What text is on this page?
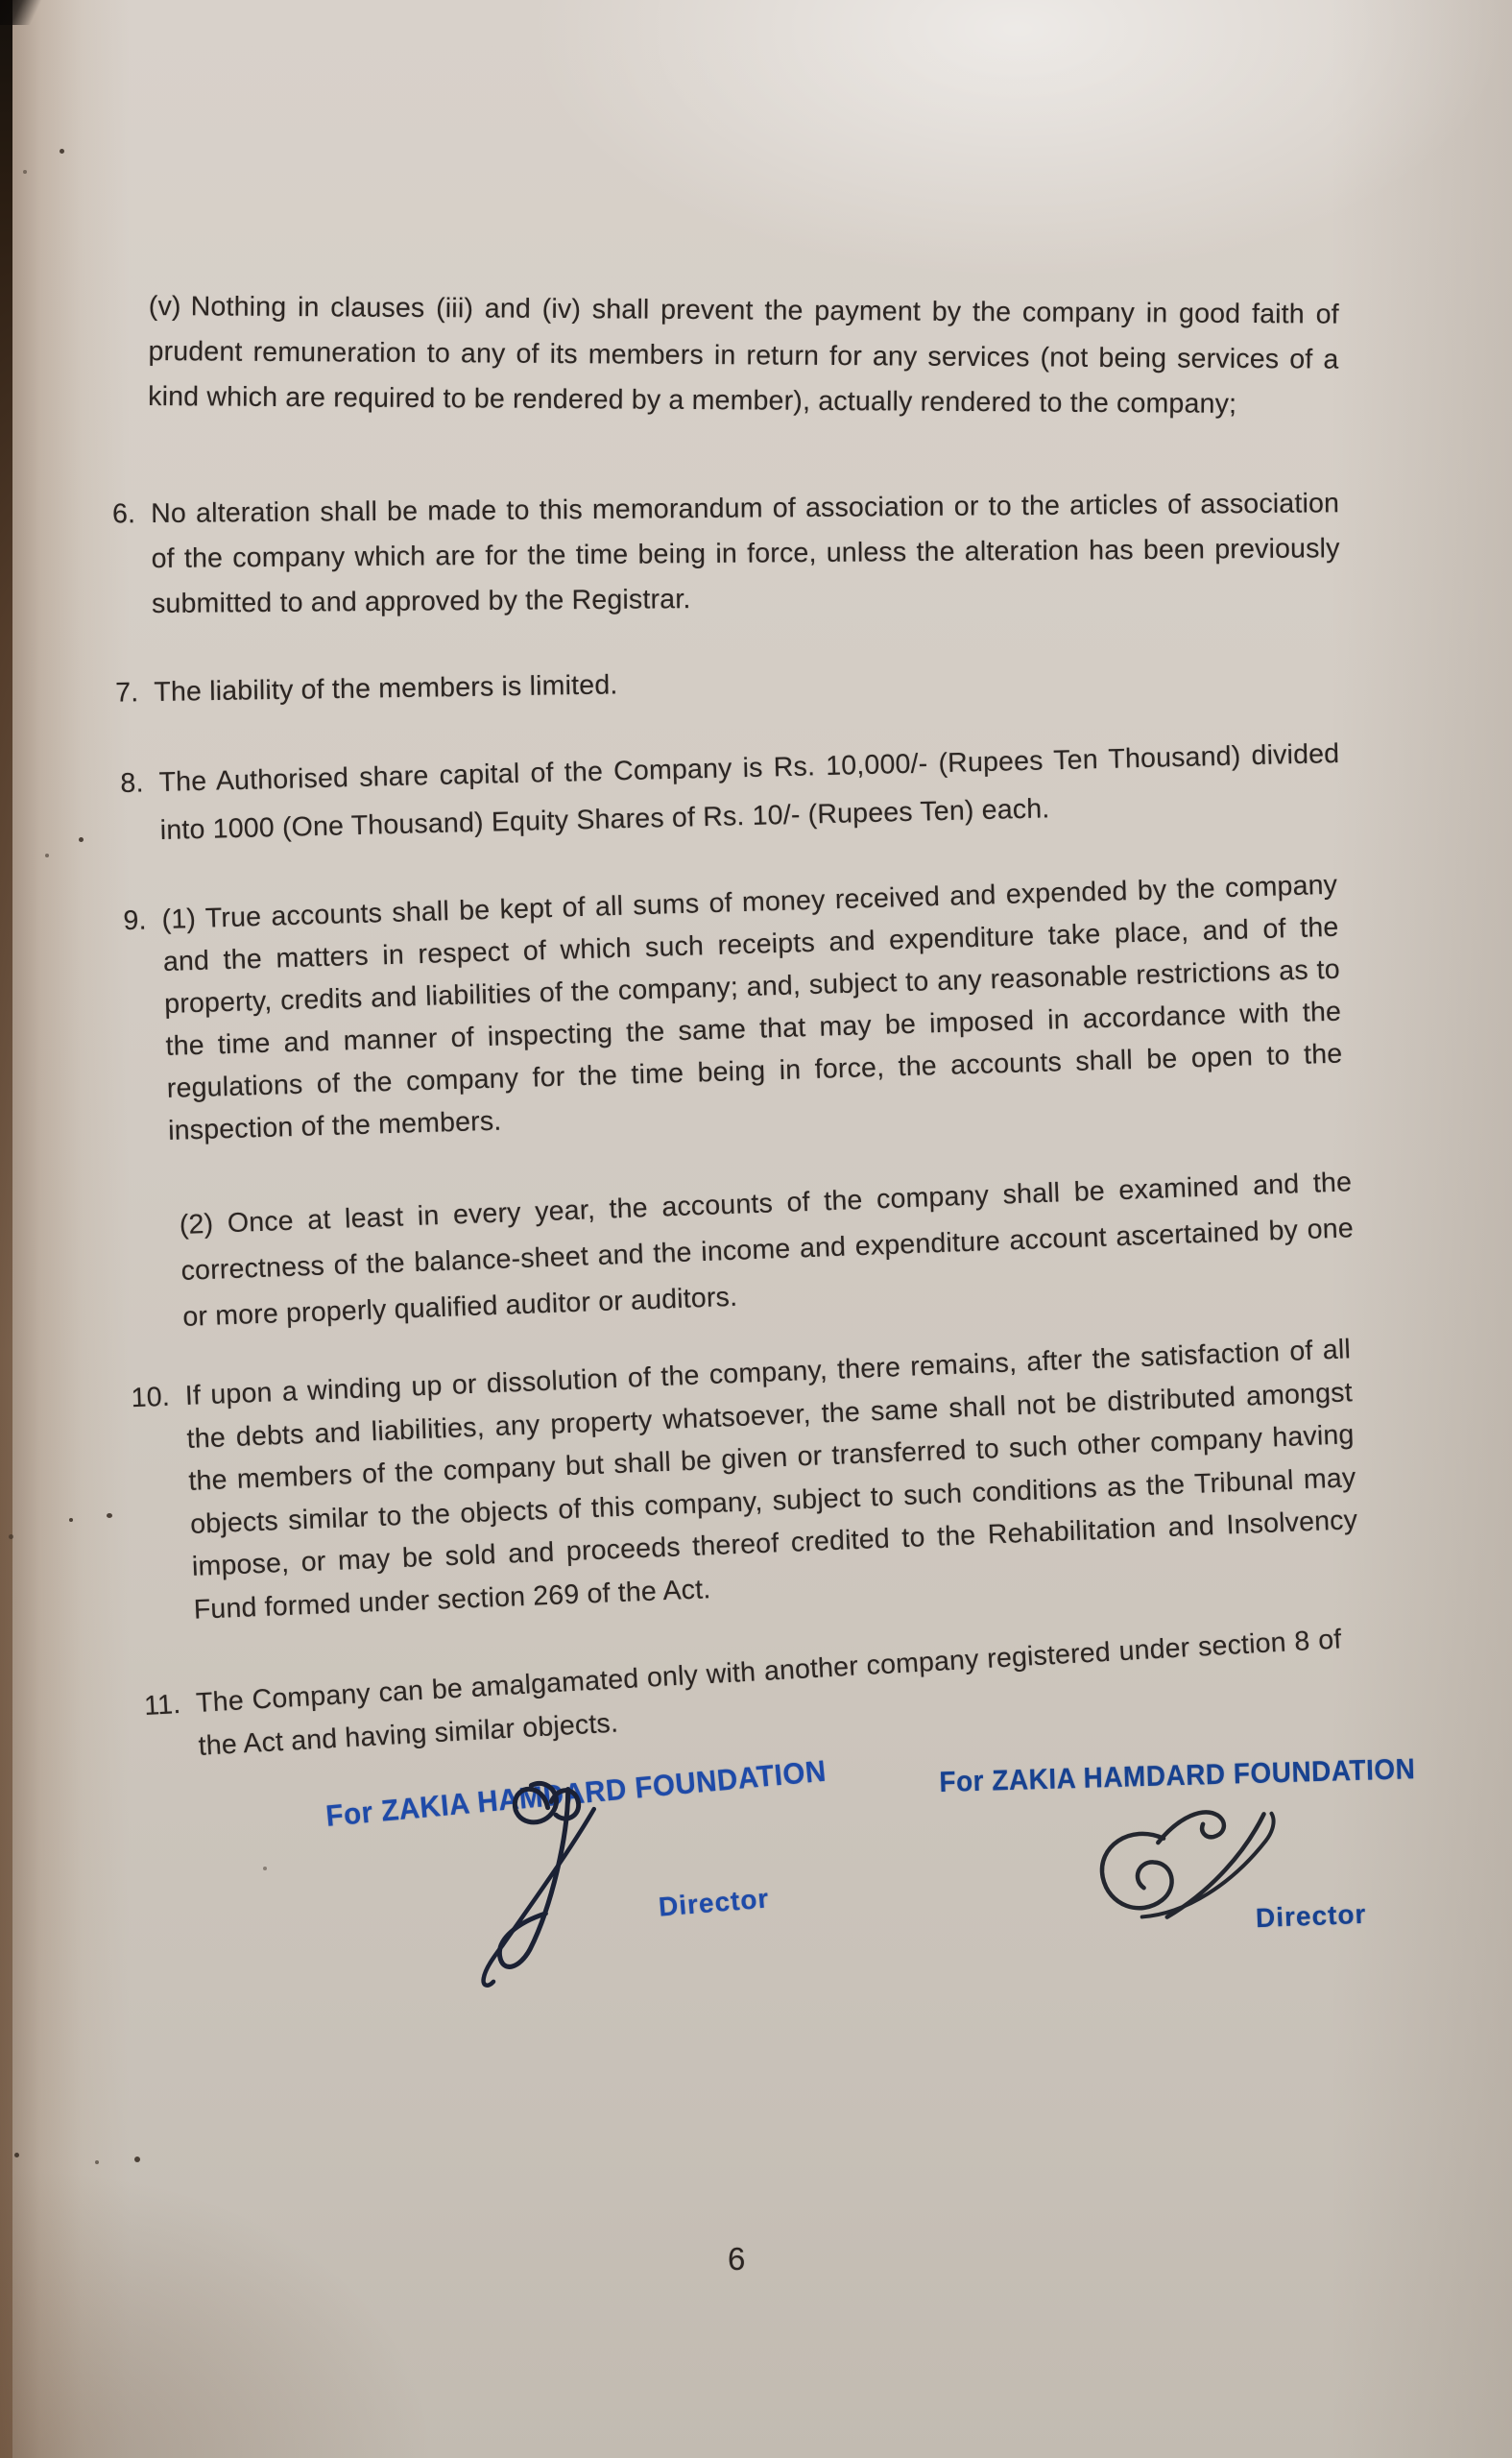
(v) Nothing in clauses (iii) and (iv) shall prevent the payment by the company in good faith of prudent remuneration to any of its members in return for any services (not being services of a kind which are required to be rendered by a member), actually rendered to the company;
6. No alteration shall be made to this memorandum of association or to the articles of association of the company which are for the time being in force, unless the alteration has been previously submitted to and approved by the Registrar.
7. The liability of the members is limited.
8. The Authorised share capital of the Company is Rs. 10,000/- (Rupees Ten Thousand) divided into 1000 (One Thousand) Equity Shares of Rs. 10/- (Rupees Ten) each.
9. (1) True accounts shall be kept of all sums of money received and expended by the company and the matters in respect of which such receipts and expenditure take place, and of the property, credits and liabilities of the company; and, subject to any reasonable restrictions as to the time and manner of inspecting the same that may be imposed in accordance with the regulations of the company for the time being in force, the accounts shall be open to the inspection of the members.
(2) Once at least in every year, the accounts of the company shall be examined and the correctness of the balance-sheet and the income and expenditure account ascertained by one or more properly qualified auditor or auditors.
10. If upon a winding up or dissolution of the company, there remains, after the satisfaction of all the debts and liabilities, any property whatsoever, the same shall not be distributed amongst the members of the company but shall be given or transferred to such other company having objects similar to the objects of this company, subject to such conditions as the Tribunal may impose, or may be sold and proceeds thereof credited to the Rehabilitation and Insolvency Fund formed under section 269 of the Act.
11. The Company can be amalgamated only with another company registered under section 8 of the Act and having similar objects.
For ZAKIA HAMDARD FOUNDATION
Director
For ZAKIA HAMDARD FOUNDATION
Director
6
